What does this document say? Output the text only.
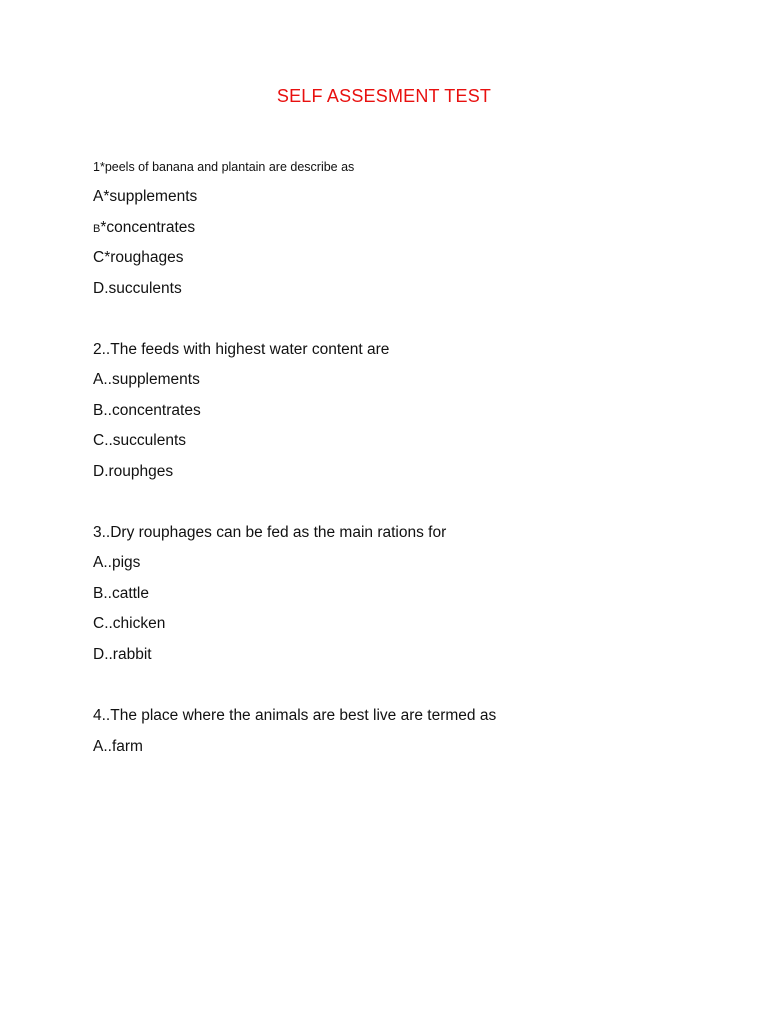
SELF ASSESMENT TEST
1*peels of banana and plantain are describe as
A*supplements
B*concentrates
C*roughages
D.succulents
2..The feeds with highest water content are
A..supplements
B..concentrates
C..succulents
D.rouphges
3..Dry rouphages can be fed as the main rations for
A..pigs
B..cattle
C..chicken
D..rabbit
4..The place where the animals are best live are termed as
A..farm
